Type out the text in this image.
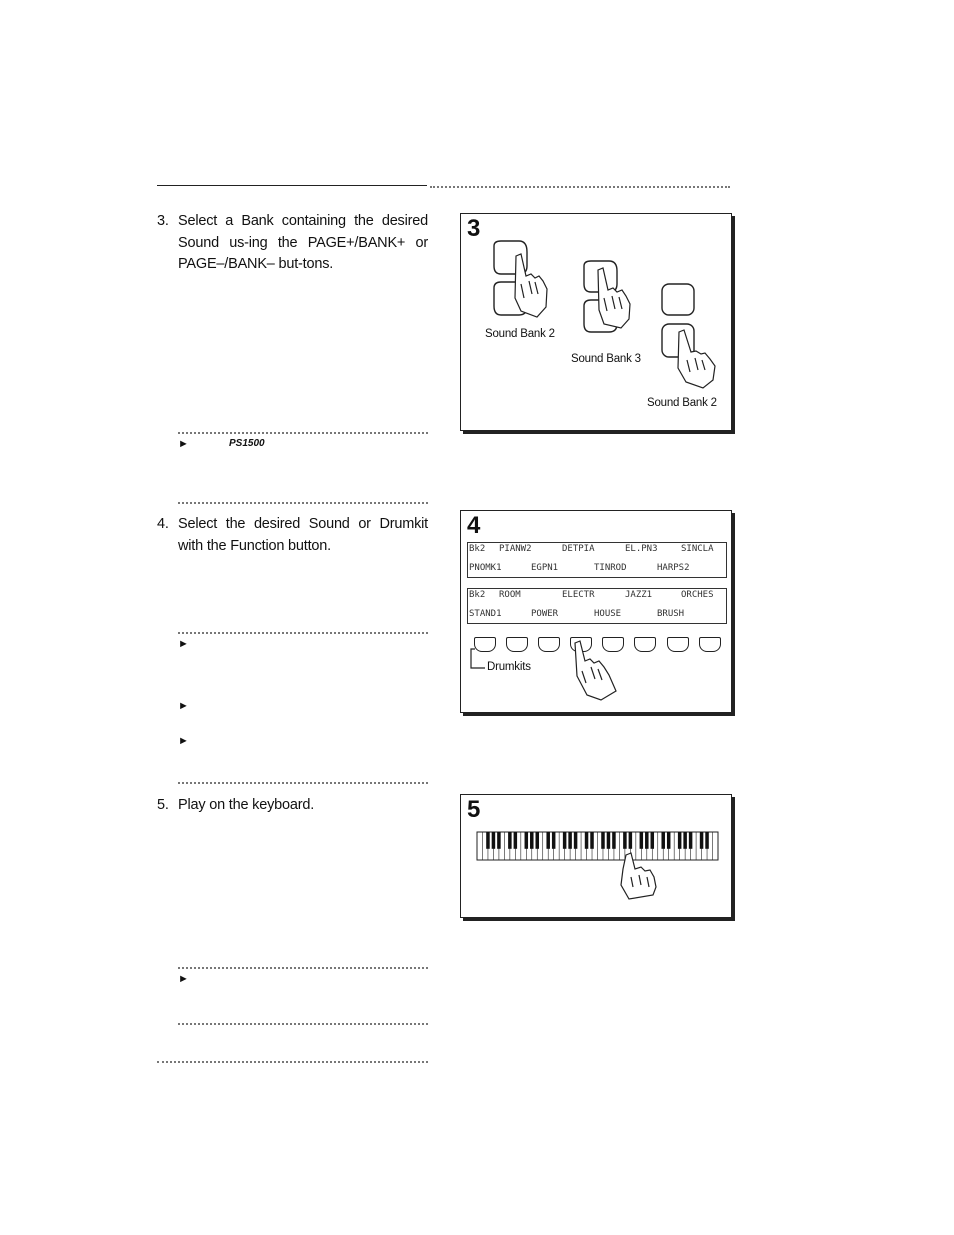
3. Select a Bank containing the desired Sound us-ing the PAGE+/BANK+ or PAGE–/BANK– but-tons.
►	PS1500
4. Select the desired Sound or Drumkit with the Function button.
►
►
►
5. Play on the keyboard.
►
3
Sound Bank 2
Sound Bank 3
Sound Bank 2
4
Bk2 PIANW2	DETPIA	EL.PN3	SINCLA
PNOMK1	EGPN1	TINROD	HARPS2
Bk2 ROOM	ELECTR	JAZZ1	ORCHES
STAND1	POWER	HOUSE	BRUSH
Drumkits
5
